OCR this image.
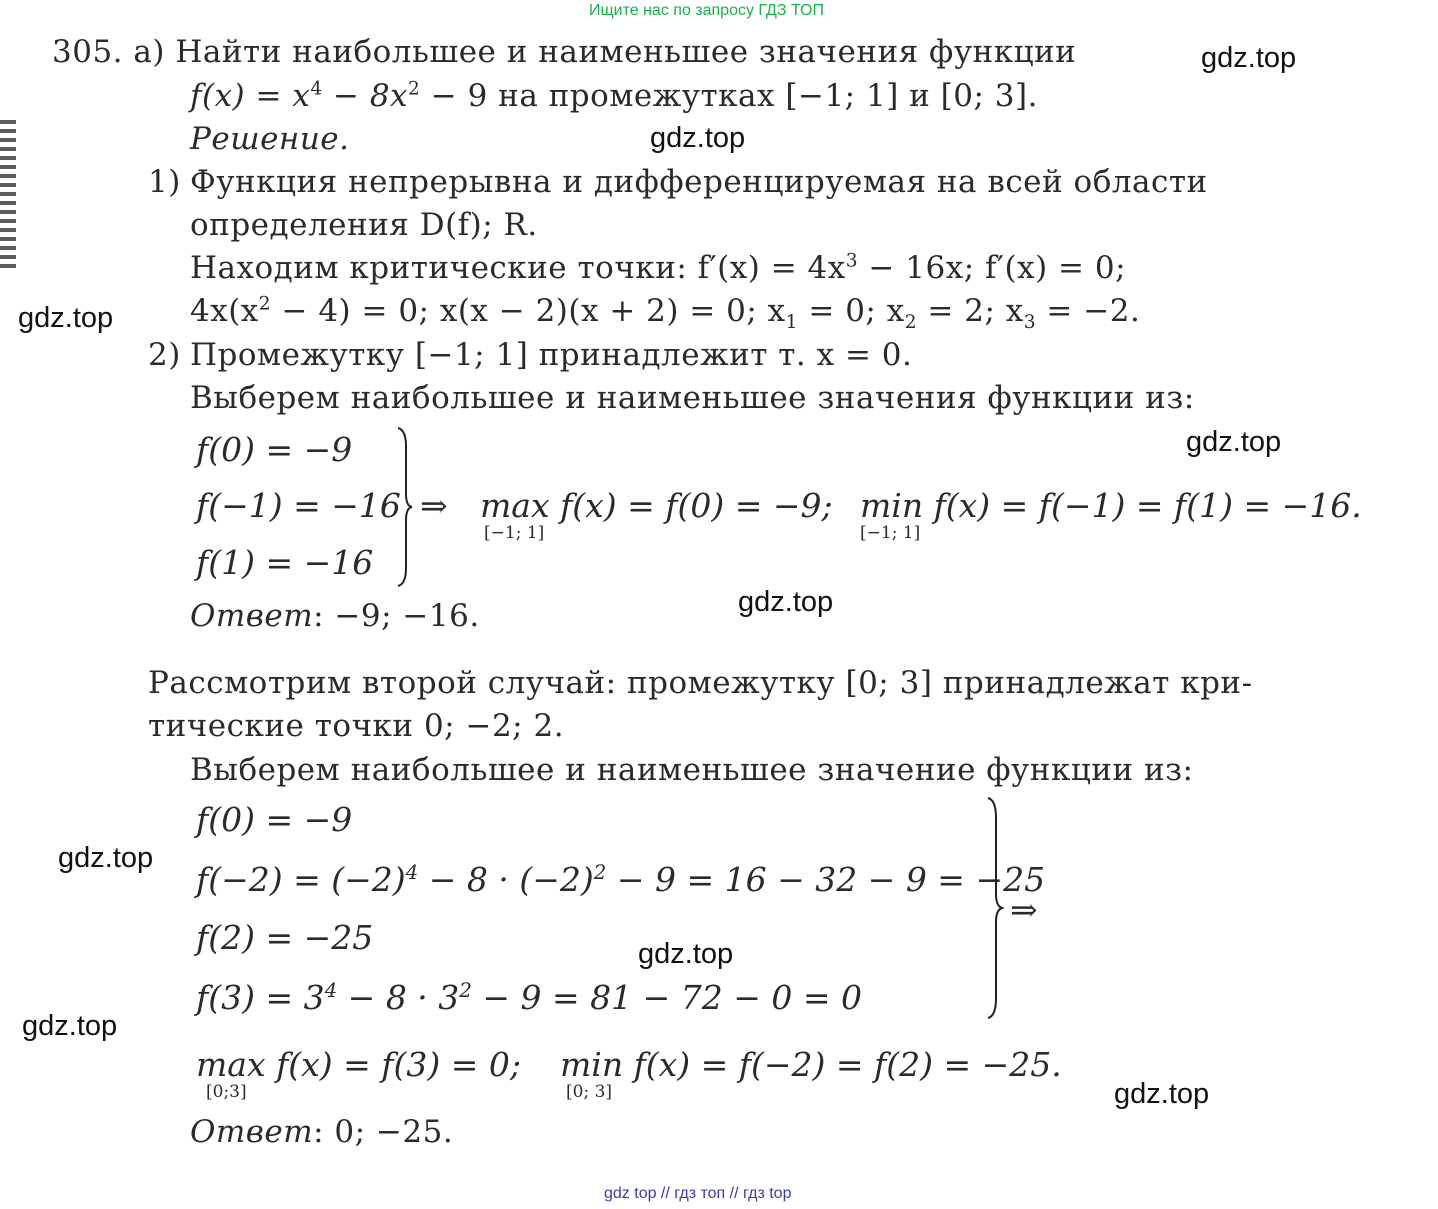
Ищите нас по запросу ГДЗ ТОП
305. а) Найти наибольшее и наименьшее значения функции
$f(x) = x^4 - 8x^2 - 9$ на промежутках [−1; 1] и [0; 3].
Решение.
1) Функция непрерывна и дифференцируемая на всей области
определения D(f); R.
Находим критические точки: $f'(x) = 4x^3 - 16x$; f′(x) = 0;
$4x(x^2 - 4) = 0$; x(x − 2)(x + 2) = 0; $x_1 = 0$; $x_2 = 2$; $x_3 = -2$.
2) Промежутку [−1; 1] принадлежит т. x = 0.
Выберем наибольшее и наименьшее значения функции из:
f(0) = −9
f(−1) = −16
f(1) = −16
⇒ max f(x) = f(0) = −9;
[−1; 1]
min f(x) = f(−1) = f(1) = −16.
[−1; 1]
Ответ: −9; −16.
Рассмотрим второй случай: промежутку [0; 3] принадлежат кри-
тические точки 0; −2; 2.
Выберем наибольшее и наименьшее значение функции из:
f(0) = −9
$f(-2) = (-2)^4 - 8 \cdot (-2)^2 - 9 = 16 - 32 - 9 = -25$
f(2) = −25
$f(3) = 3^4 - 8 \cdot 3^2 - 9 = 81 - 72 - 0 = 0$
⇒
max f(x) = f(3) = 0;
[0;3]
min f(x) = f(−2) = f(2) = −25.
[0; 3]
Ответ: 0; −25.
gdz.top
gdz.top
gdz.top
gdz.top
gdz.top
gdz.top
gdz.top
gdz.top
gdz.top
gdz top // гдз топ // гдз top
